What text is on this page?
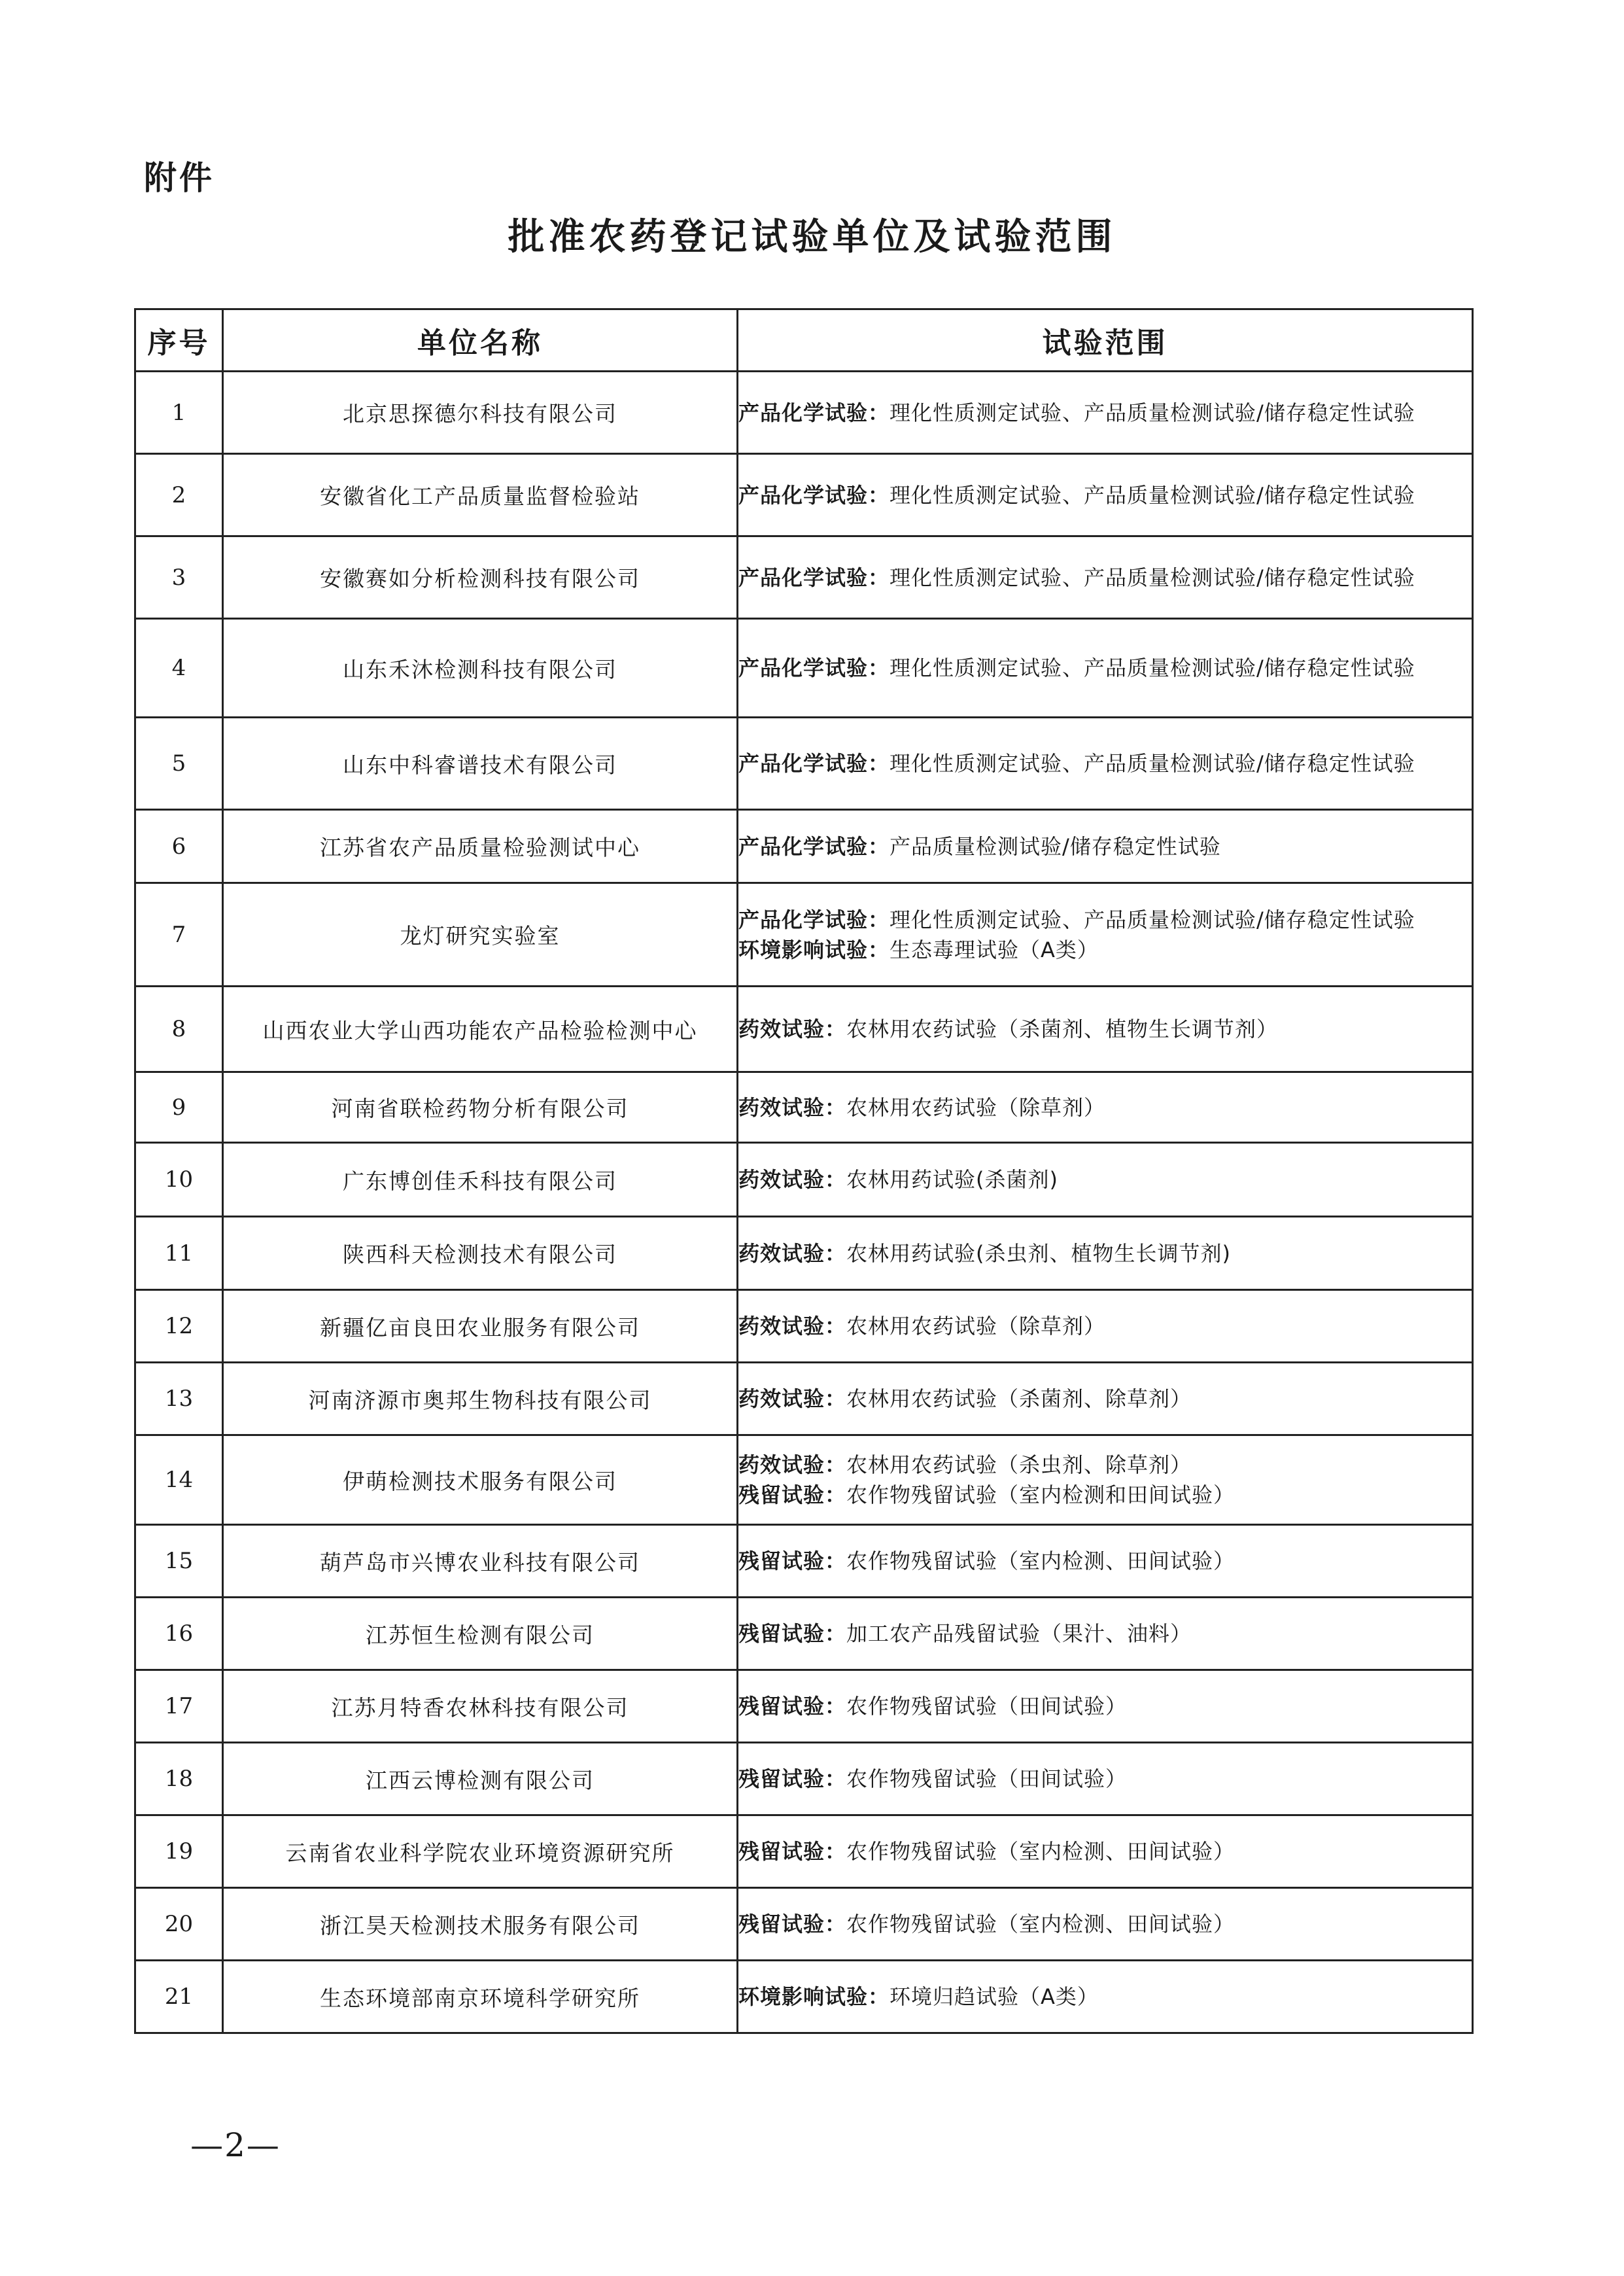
附件
批准农药登记试验单位及试验范围
序号	单位名称	试验范围
1	北京思探德尔科技有限公司	产品化学试验：理化性质测定试验、产品质量检测试验/储存稳定性试验

2	安徽省化工产品质量监督检验站	产品化学试验：理化性质测定试验、产品质量检测试验/储存稳定性试验

3	安徽赛如分析检测科技有限公司	产品化学试验：理化性质测定试验、产品质量检测试验/储存稳定性试验

4	山东禾沐检测科技有限公司	产品化学试验：理化性质测定试验、产品质量检测试验/储存稳定性试验

5	山东中科睿谱技术有限公司	产品化学试验：理化性质测定试验、产品质量检测试验/储存稳定性试验

6	江苏省农产品质量检验测试中心	产品化学试验：产品质量检测试验/储存稳定性试验

7	龙灯研究实验室	产品化学试验：理化性质测定试验、产品质量检测试验/储存稳定性试验
环境影响试验：生态毒理试验（A类）

8	山西农业大学山西功能农产品检验检测中心	药效试验：农林用农药试验（杀菌剂、植物生长调节剂）

9	河南省联检药物分析有限公司	药效试验：农林用农药试验（除草剂）

10	广东博创佳禾科技有限公司	药效试验：农林用药试验(杀菌剂)

11	陕西科天检测技术有限公司	药效试验：农林用药试验(杀虫剂、植物生长调节剂)

12	新疆亿亩良田农业服务有限公司	药效试验：农林用农药试验（除草剂）

13	河南济源市奥邦生物科技有限公司	药效试验：农林用农药试验（杀菌剂、除草剂）

14	伊萌检测技术服务有限公司	药效试验：农林用农药试验（杀虫剂、除草剂）
残留试验：农作物残留试验（室内检测和田间试验）

15	葫芦岛市兴博农业科技有限公司	残留试验：农作物残留试验（室内检测、田间试验）

16	江苏恒生检测有限公司	残留试验：加工农产品残留试验（果汁、油料）

17	江苏月特香农林科技有限公司	残留试验：农作物残留试验（田间试验）

18	江西云博检测有限公司	残留试验：农作物残留试验（田间试验）

19	云南省农业科学院农业环境资源研究所	残留试验：农作物残留试验（室内检测、田间试验）

20	浙江昊天检测技术服务有限公司	残留试验：农作物残留试验（室内检测、田间试验）

21	生态环境部南京环境科学研究所	环境影响试验：环境归趋试验（A类）
—2—
